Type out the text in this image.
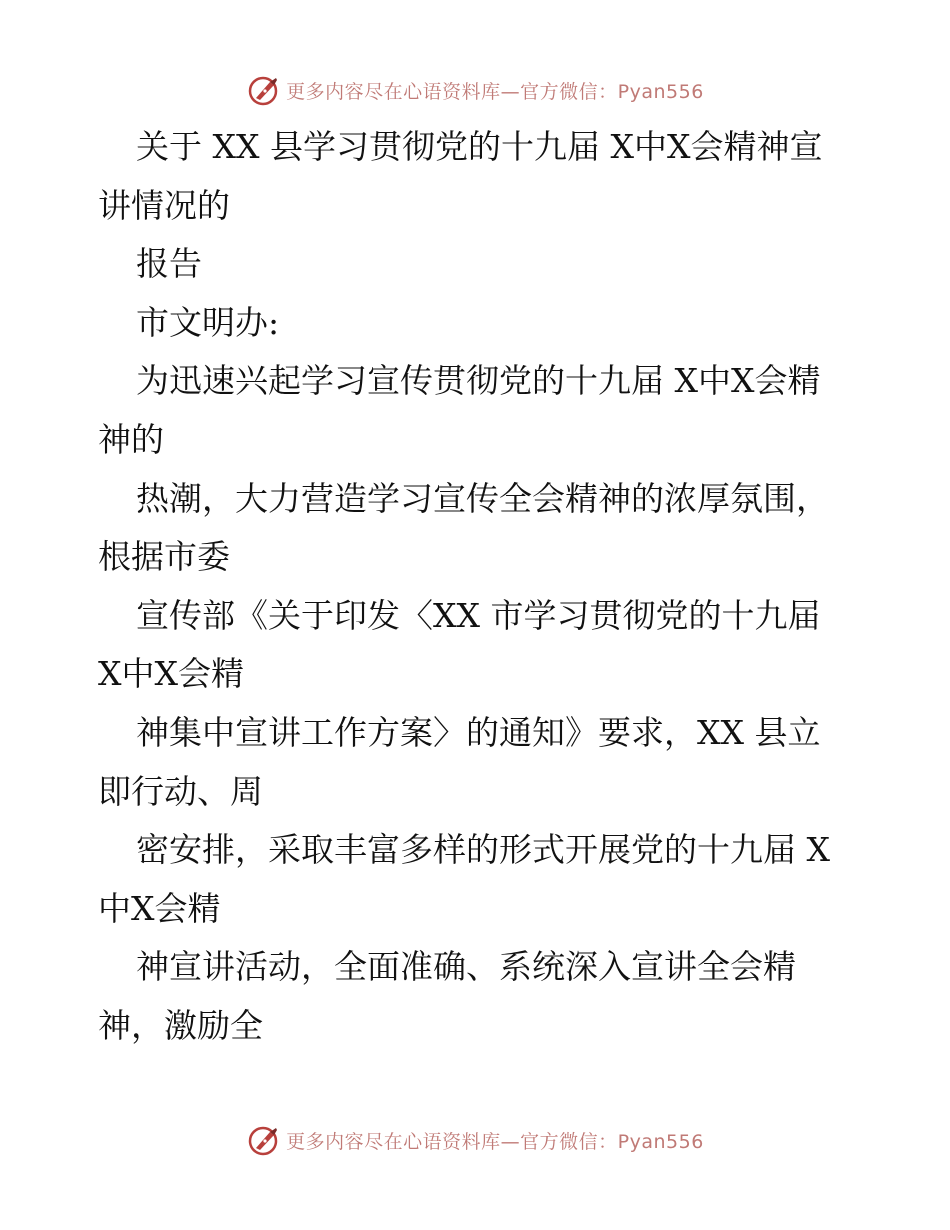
更多内容尽在心语资料库—官方微信：Pyan556
关于 XX 县学习贯彻党的十九届 X中X会精神宣
讲情况的
报告
市文明办:
为迅速兴起学习宣传贯彻党的十九届 X中X会精
神的
热潮，大力营造学习宣传全会精神的浓厚氛围，
根据市委
宣传部《关于印发〈XX 市学习贯彻党的十九届
X中X会精
神集中宣讲工作方案〉的通知》要求，XX 县立
即行动、周
密安排，采取丰富多样的形式开展党的十九届 X
中X会精
神宣讲活动，全面准确、系统深入宣讲全会精
神，激励全
更多内容尽在心语资料库—官方微信：Pyan556
